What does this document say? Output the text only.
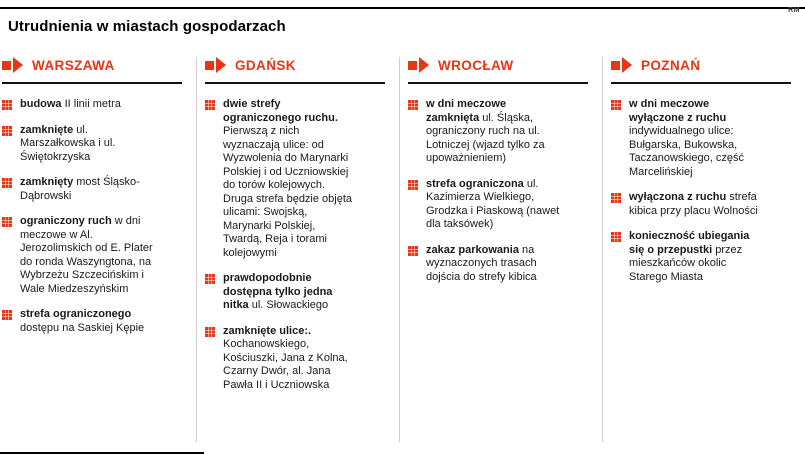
RM
Utrudnienia w miastach gospodarzach
WARSZAWA

budowa II linii metra

zamknięte ul. Marszałkowska i ul. Świętokrzyska

zamknięty most Śląsko-Dąbrowski

ograniczony ruch w dni meczowe w Al. Jerozolimskich od E. Plater do ronda Waszyngtona, na Wybrzeżu Szczecińskim i Wale Miedzeszyńskim

strefa ograniczonego dostępu na Saskiej Kępie

GDAŃSK

dwie strefy ograniczonego ruchu. Pierwszą z nich wyznaczają ulice: od Wyzwolenia do Marynarki Polskiej i od Uczniowskiej do torów kolejowych. Druga strefa będzie objęta ulicami: Swojską, Marynarki Polskiej, Twardą, Reja i torami kolejowymi

prawdopodobnie dostępna tylko jedna nitka ul. Słowackiego

zamknięte ulice:. Kochanowskiego, Kościuszki, Jana z Kolna, Czarny Dwór, al. Jana Pawła II i Uczniowska

WROCŁAW

w dni meczowe zamknięta ul. Śląska, ograniczony ruch na ul. Lotniczej (wjazd tylko za upoważnieniem)

strefa ograniczona ul. Kazimierza Wielkiego, Grodzka i Piaskową (nawet dla taksówek)

zakaz parkowania na wyznaczonych trasach dojścia do strefy kibica

POZNAŃ

w dni meczowe wyłączone z ruchu indywidualnego ulice: Bułgarska, Bukowska, Taczanowskiego, część Marcelińskiej

wyłączona z ruchu strefa kibica przy placu Wolności

konieczność ubiegania się o przepustki przez mieszkańców okolic Starego Miasta
